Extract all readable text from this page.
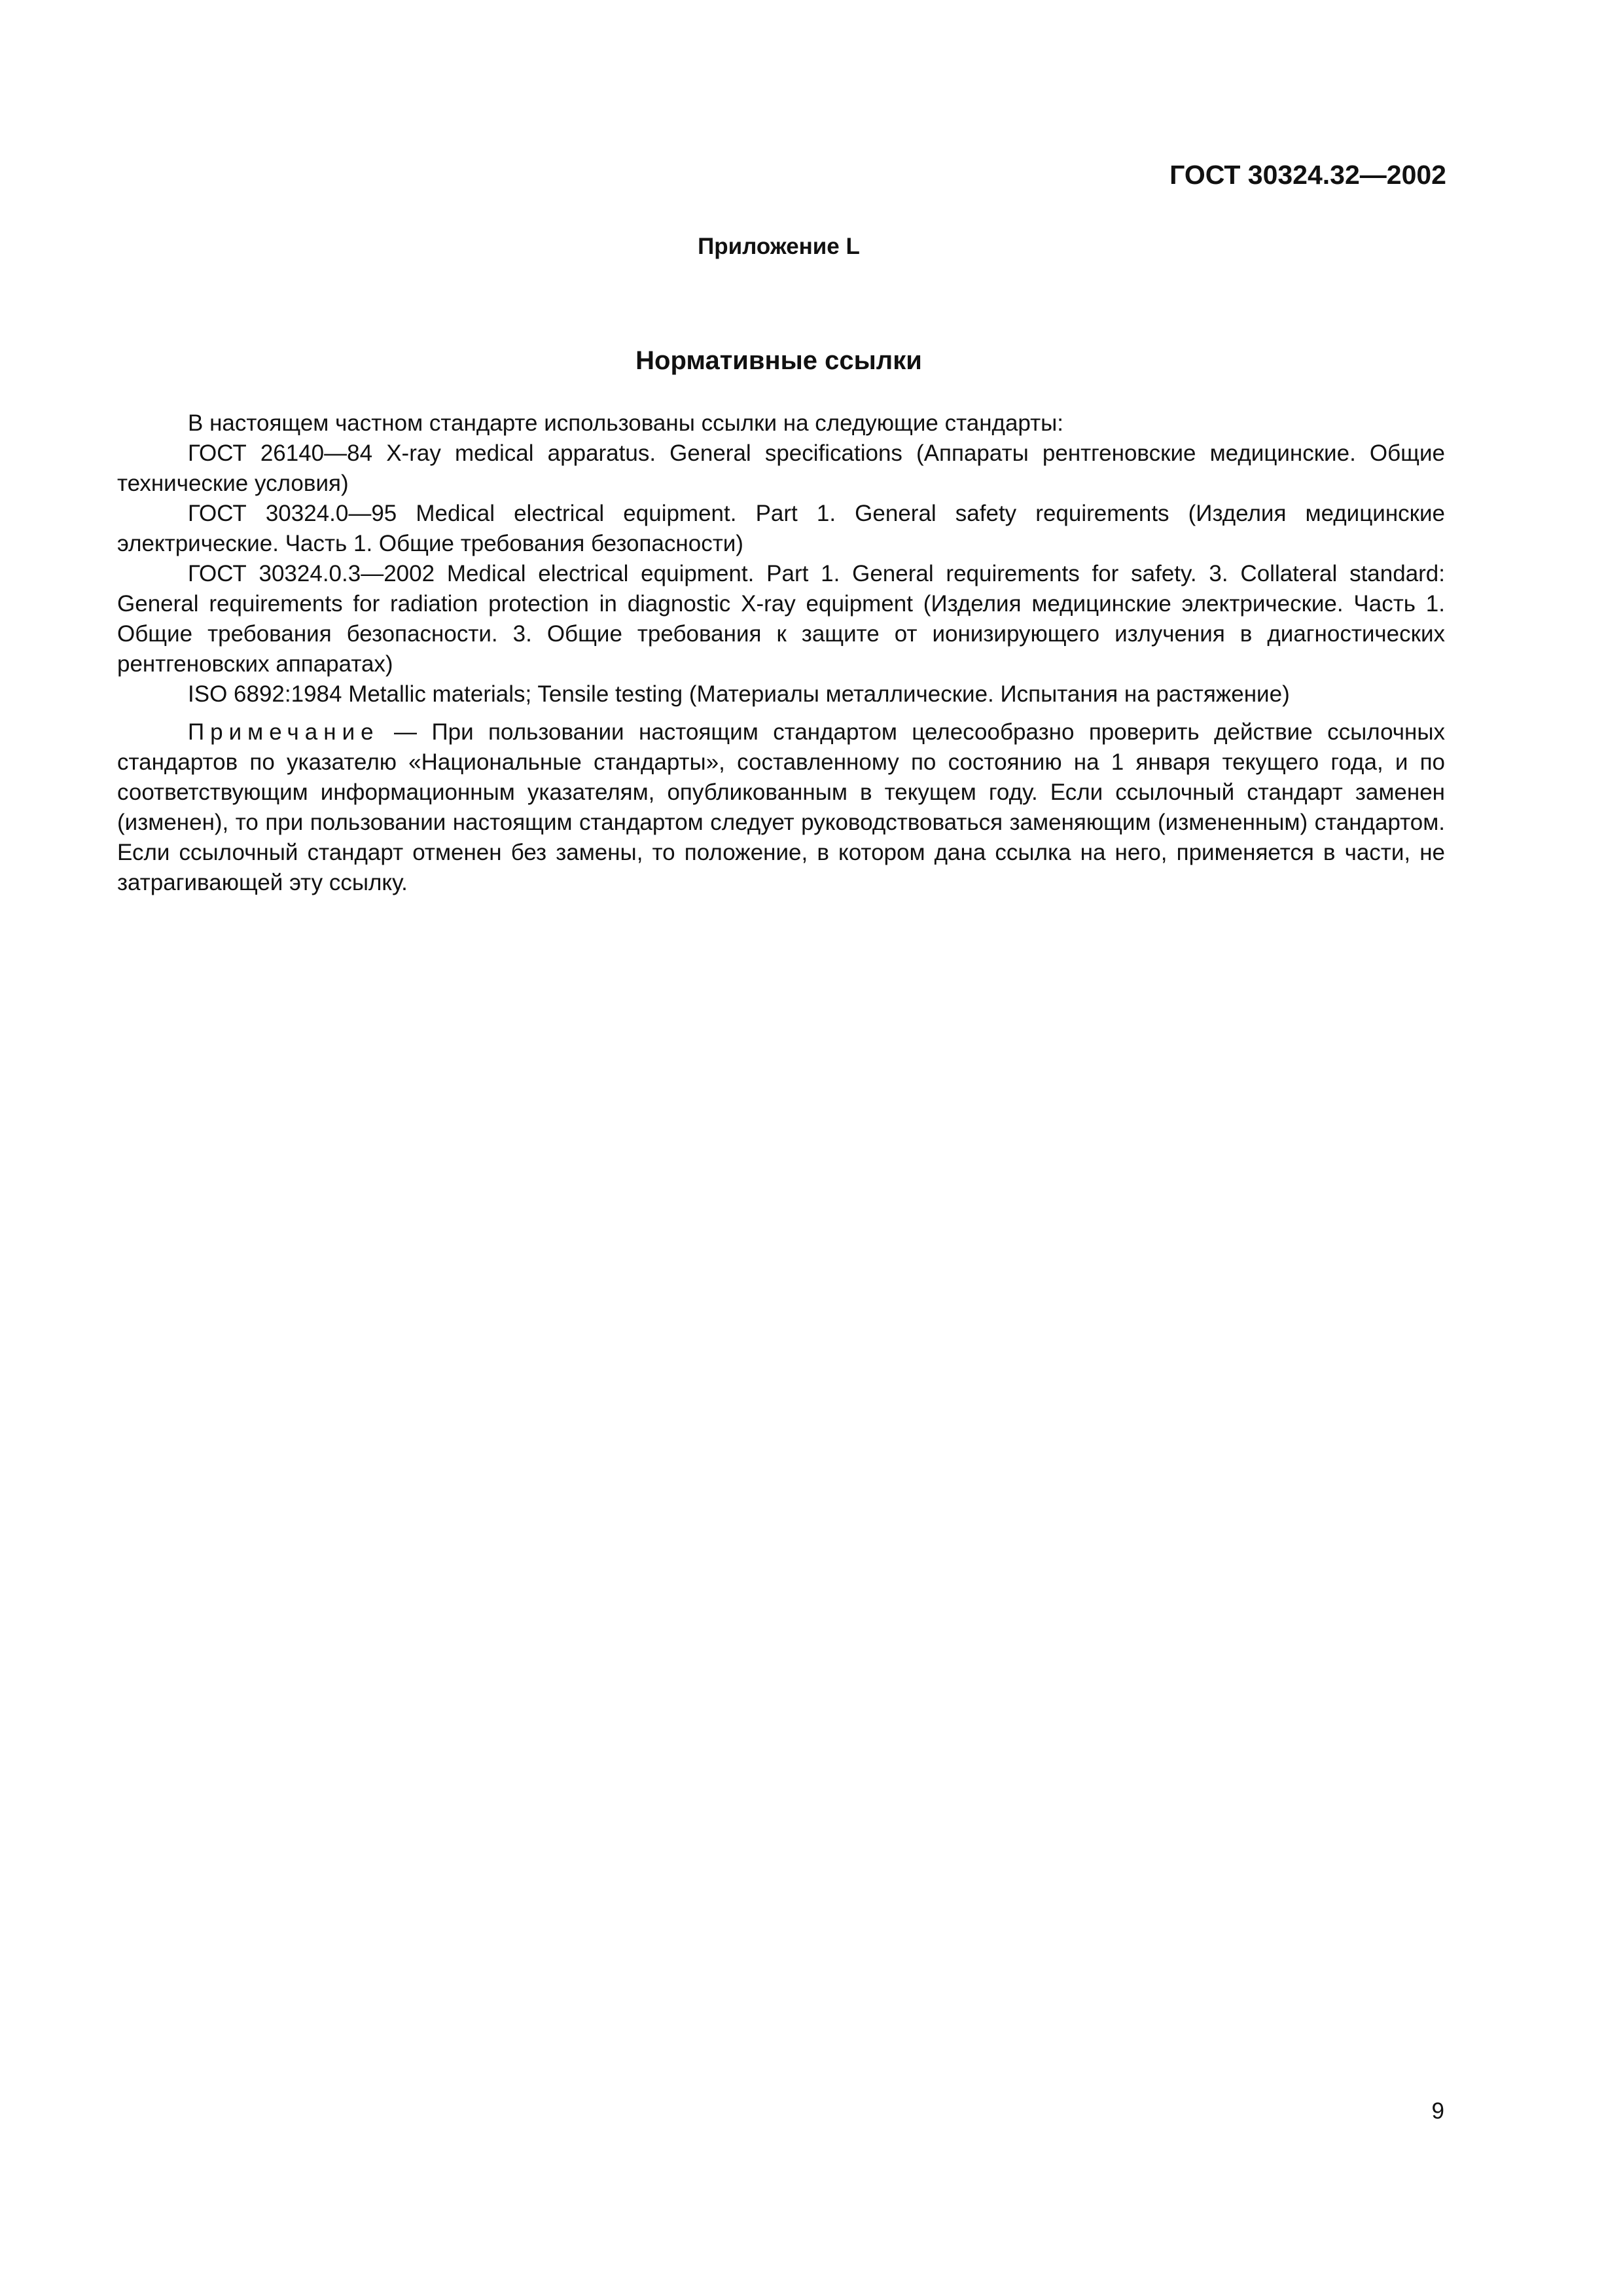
ГОСТ 30324.32—2002
Приложение L
Нормативные ссылки

В настоящем частном стандарте использованы ссылки на следующие стандарты:

ГОСТ 26140—84 X-ray medical apparatus. General specifications (Аппараты рентгеновские медицинские. Общие технические условия)

ГОСТ 30324.0—95 Medical electrical equipment. Part 1. General safety requirements (Изделия медицинские электрические. Часть 1. Общие требования безопасности)

ГОСТ 30324.0.3—2002 Medical electrical equipment. Part 1. General requirements for safety. 3. Collateral standard: General requirements for radiation protection in diagnostic X-ray equipment (Изделия медицинские электрические. Часть 1. Общие требования безопасности. 3. Общие требования к защите от ионизирующего излучения в диагностических рентгеновских аппаратах)

ISO 6892:1984 Metallic materials; Tensile testing (Материалы металлические. Испытания на растяжение)

Примечание — При пользовании настоящим стандартом целесообразно проверить действие ссылочных стандартов по указателю «Национальные стандарты», составленному по состоянию на 1 января текущего года, и по соответствующим информационным указателям, опубликованным в текущем году. Если ссылочный стандарт заменен (изменен), то при пользовании настоящим стандартом следует руководствоваться заменяющим (измененным) стандартом. Если ссылочный стандарт отменен без замены, то положение, в котором дана ссылка на него, применяется в части, не затрагивающей эту ссылку.

9
